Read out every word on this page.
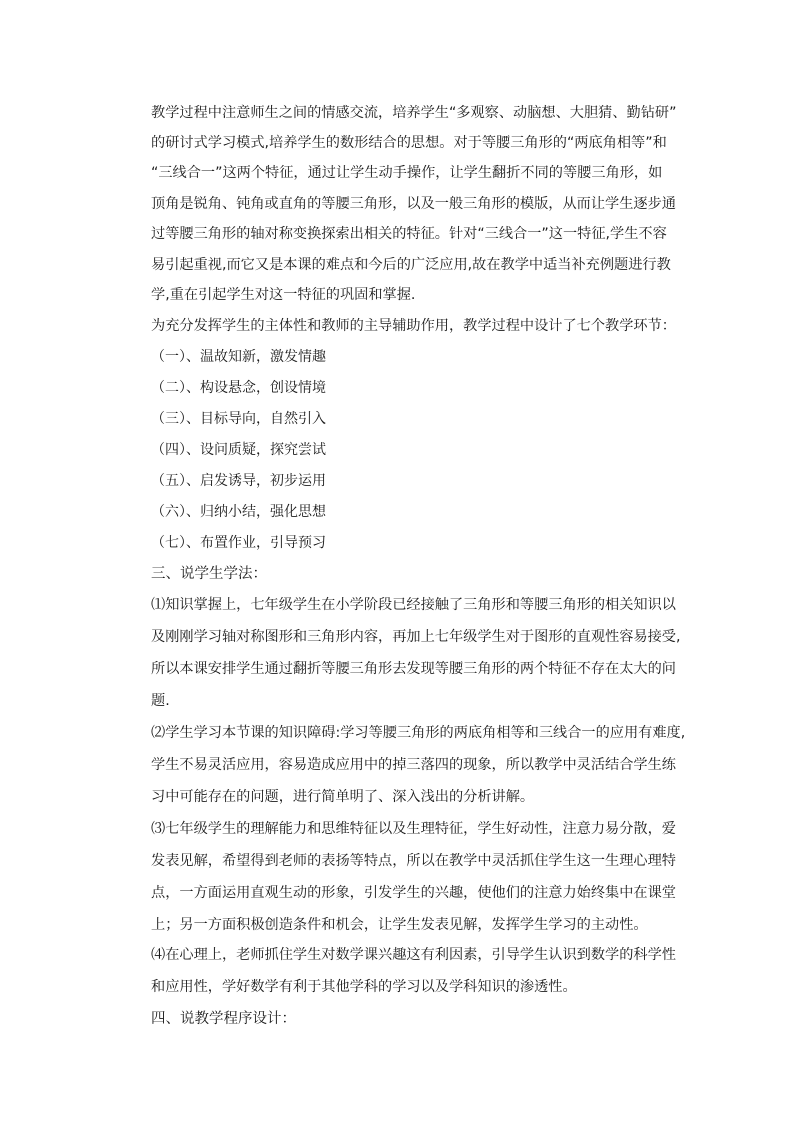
教学过程中注意师生之间的情感交流，培养学生“多观察、动脑想、大胆猜、勤钻研”
的研讨式学习模式,培养学生的数形结合的思想。对于等腰三角形的“两底角相等”和
“三线合一”这两个特征，通过让学生动手操作，让学生翻折不同的等腰三角形，如
顶角是锐角、钝角或直角的等腰三角形，以及一般三角形的模版，从而让学生逐步通
过等腰三角形的轴对称变换探索出相关的特征。针对“三线合一”这一特征,学生不容
易引起重视,而它又是本课的难点和今后的广泛应用,故在教学中适当补充例题进行教
学,重在引起学生对这一特征的巩固和掌握.
为充分发挥学生的主体性和教师的主导辅助作用，教学过程中设计了七个教学环节：
（一）、温故知新，激发情趣
（二）、构设悬念，创设情境
（三）、目标导向，自然引入
（四）、设问质疑，探究尝试
（五）、启发诱导，初步运用
（六）、归纳小结，强化思想
（七）、布置作业，引导预习
三、说学生学法：
⑴知识掌握上，七年级学生在小学阶段已经接触了三角形和等腰三角形的相关知识以
及刚刚学习轴对称图形和三角形内容，再加上七年级学生对于图形的直观性容易接受,
所以本课安排学生通过翻折等腰三角形去发现等腰三角形的两个特征不存在太大的问
题.
⑵学生学习本节课的知识障碍:学习等腰三角形的两底角相等和三线合一的应用有难度,
学生不易灵活应用，容易造成应用中的掉三落四的现象，所以教学中灵活结合学生练
习中可能存在的问题，进行简单明了、深入浅出的分析讲解。
⑶七年级学生的理解能力和思维特征以及生理特征，学生好动性，注意力易分散，爱
发表见解，希望得到老师的表扬等特点，所以在教学中灵活抓住学生这一生理心理特
点，一方面运用直观生动的形象，引发学生的兴趣，使他们的注意力始终集中在课堂
上；另一方面积极创造条件和机会，让学生发表见解，发挥学生学习的主动性。
⑷在心理上，老师抓住学生对数学课兴趣这有利因素，引导学生认识到数学的科学性
和应用性，学好数学有利于其他学科的学习以及学科知识的渗透性。
四、说教学程序设计：
